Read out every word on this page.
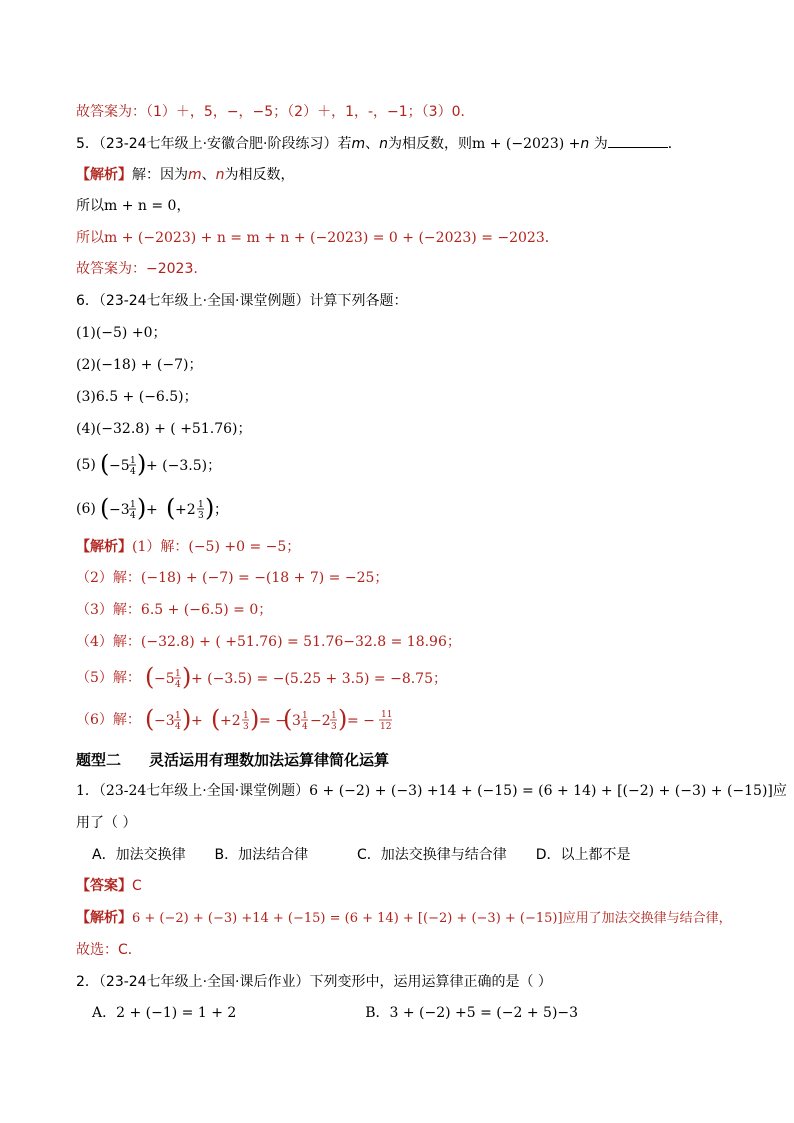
故答案为：（1）＋，5，−，−5；（2）＋，1，-，−1；（3）0．
5．（23-24七年级上·安徽合肥·阶段练习）若m、n为相反数，则m + (−2023) +n 为	．
【解析】解：因为m、n为相反数，
所以m + n = 0，
所以m + (−2023) + n = m + n + (−2023) = 0 + (−2023) = −2023．
故答案为：−2023.
6．（23-24七年级上·全国·课堂例题）计算下列各题：
(1)(−5) +0；
(2)(−18) + (−7)；
(3)6.5 + (−6.5)；
(4)(−32.8) + ( +51.76)；
(5) ( −5 1
4 ) + (−3.5)；
(6) ( −3 1
4 ) + ( +2 1
3 ) ；
【解析】(1）解：(−5) +0 = −5；
（2）解：(−18) + (−7) = −(18 + 7) = −25；
（3）解：6.5 + (−6.5) = 0；
（4）解：(−32.8) + ( +51.76) = 51.76−32.8 = 18.96；
（5）解： ( −5 1
4 ) + (−3.5) = −(5.25 + 3.5) = −8.75；
（6）解： ( −3 1
4 ) + ( +2 1
3 ) = −
( 3 1
4 −2 1
3 ) = − 11
12
题型二 灵活运用有理数加法运算律简化运算
1．（23-24七年级上·全国·课堂例题）6 + (−2) + (−3) +14 + (−15) = (6 + 14) + [(−2) + (−3) + (−15)]应
用了（ ）
A．加法交换律 B．加法结合律	C．加法交换律与结合律 D．以上都不是
【答案】C
【解析】6 + (−2) + (−3) +14 + (−15) = (6 + 14) + [(−2) + (−3) + (−15)]应用了加法交换律与结合律，
故选：C．
2．（23-24七年级上·全国·课后作业）下列变形中，运用运算律正确的是（ ）
A．2 + (−1) = 1 + 2	B．3 + (−2) +5 = (−2 + 5)−3
